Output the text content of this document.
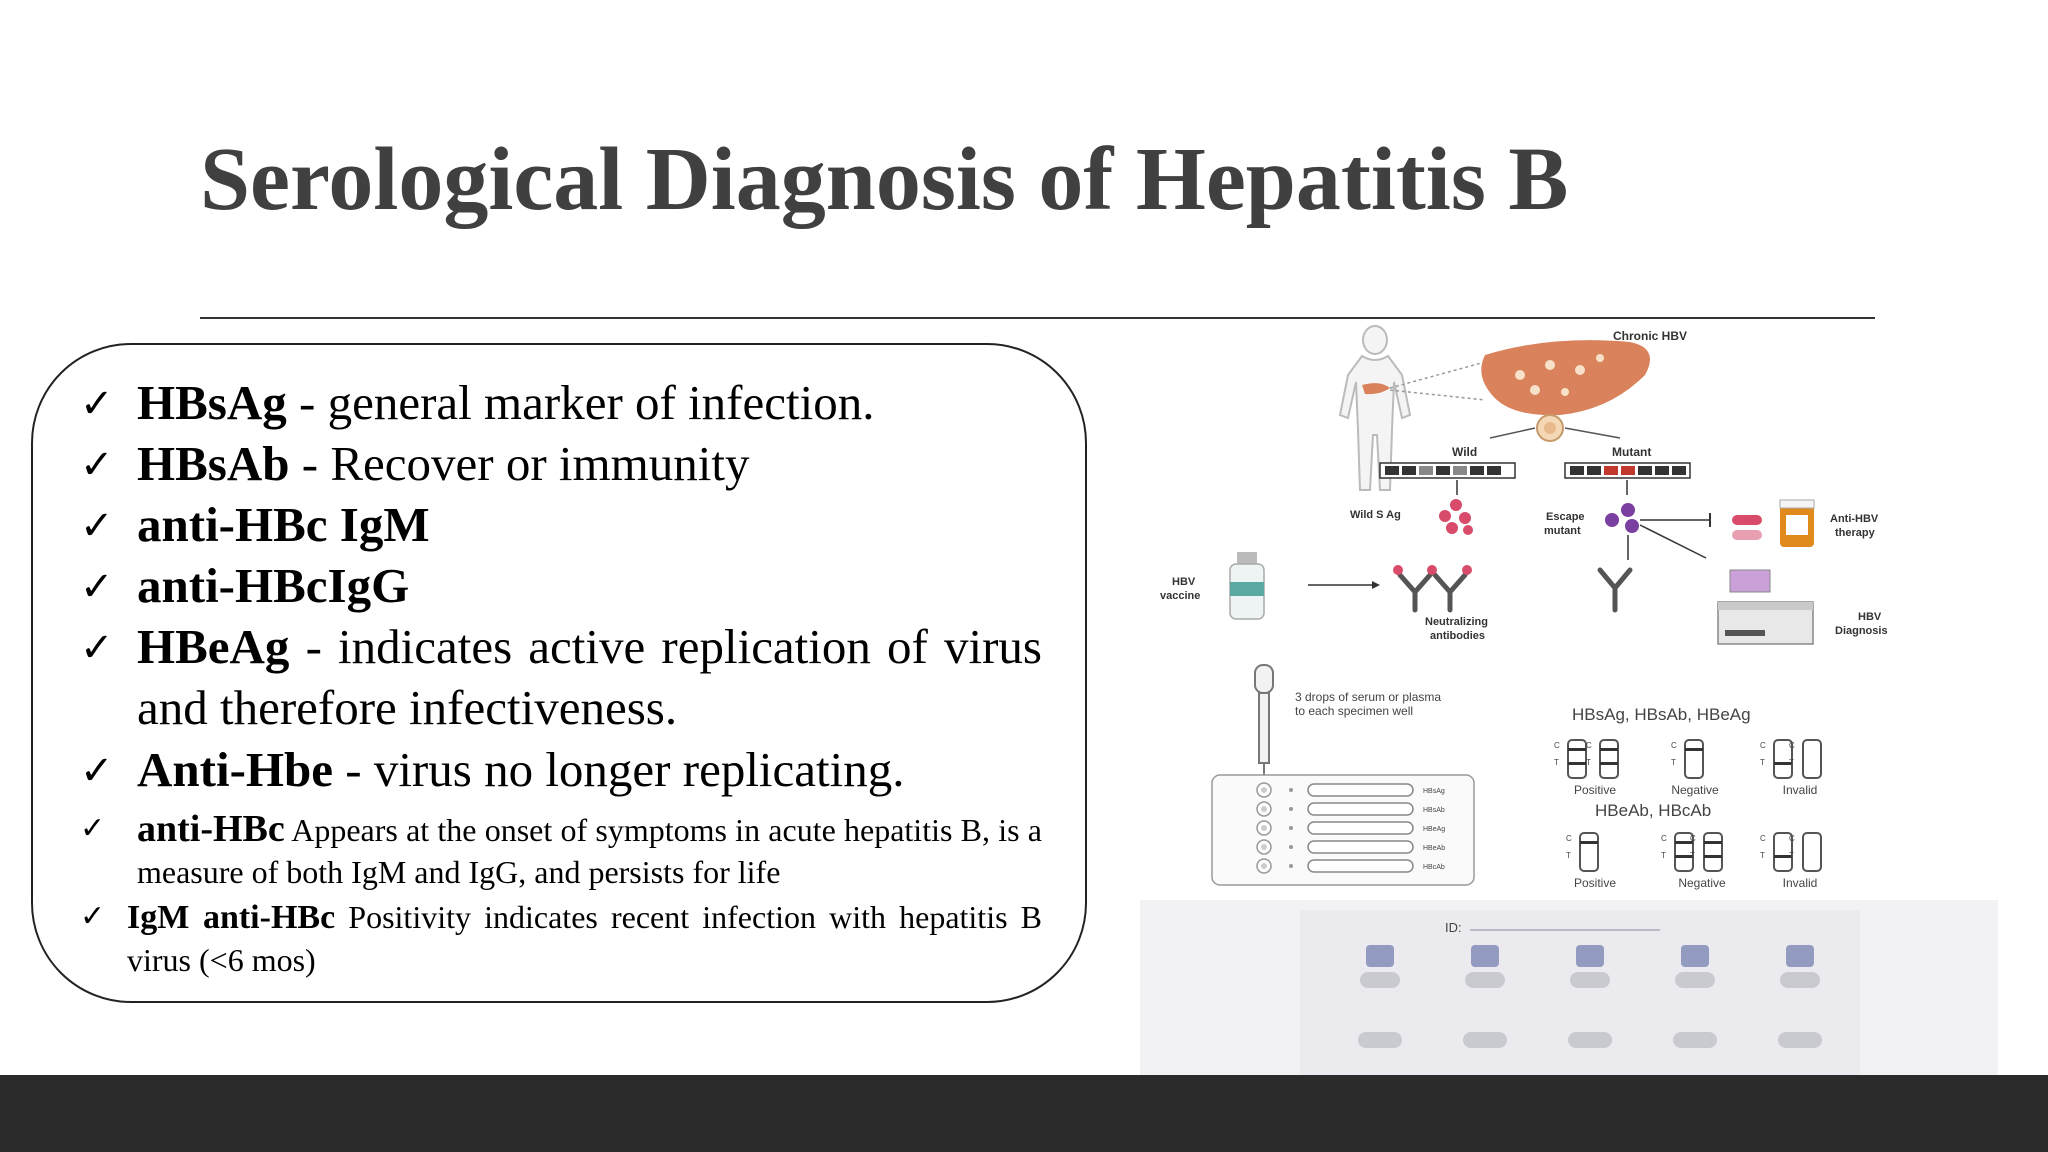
Serological Diagnosis of Hepatitis B
✓ HBsAg - general marker of infection.
✓ HBsAb - Recover or immunity
✓ anti-HBc IgM
✓ anti-HBcIgG
✓ HBeAg - indicates active replication of virus and therefore infectiveness.
✓ Anti-Hbe - virus no longer replicating.
✓ anti-HBc Appears at the onset of symptoms in acute hepatitis B, is a measure of both IgM and IgG, and persists for life
✓ IgM anti-HBc Positivity indicates recent infection with hepatitis B virus (<6 mos)
Chronic HBV
Wild	Mutant
Wild S Ag	Escape
mutant
Anti-HBV
therapy
HBV
vaccine
Neutralizing
antibodies
HBV
Diagnosis
3 drops of serum or plasma
to each specimen well
HBsAg
HBsAb
HBeAg
HBeAb
HBcAb
HBsAg, HBsAb, HBeAg
HBeAb, HBcAb
C
T
C
T
Positive
C
T
Negative
C
T
C
T
Invalid
C
T
Positive
C
T
C
T
Negative
C
T
C
T
Invalid
ID:
